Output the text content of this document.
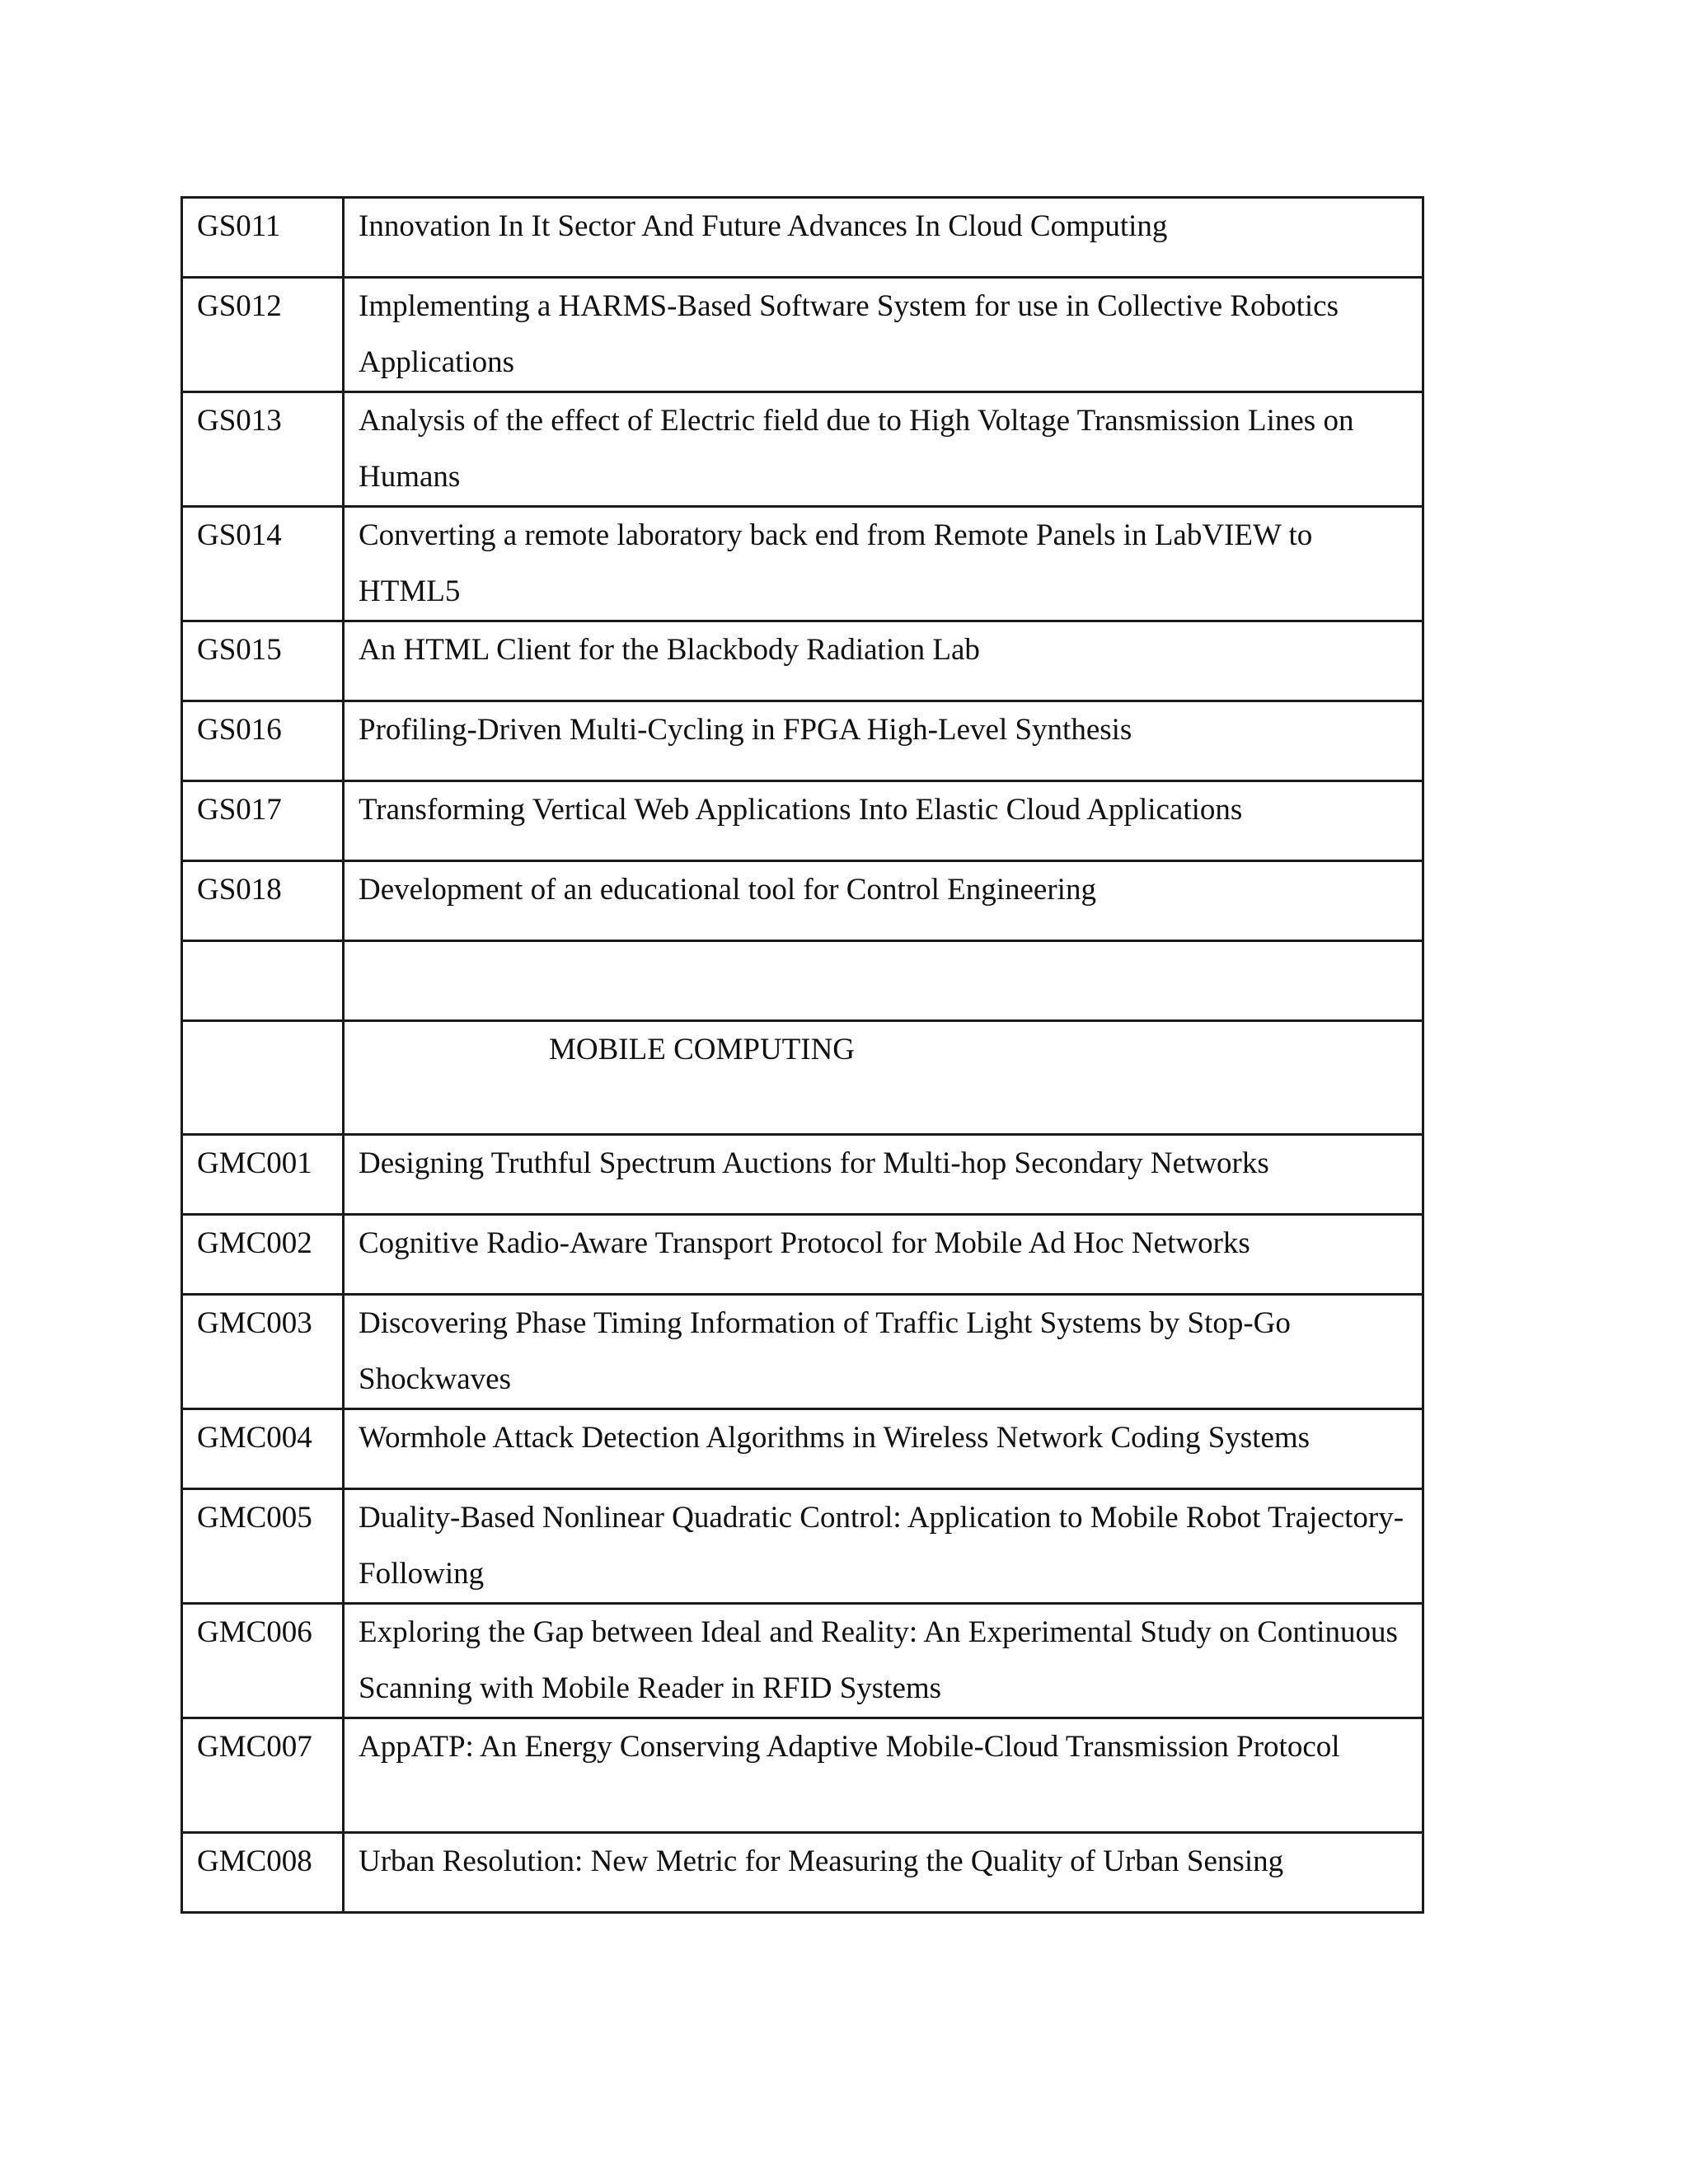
GS011	Innovation In It Sector And Future Advances In Cloud Computing
GS012	Implementing a HARMS-Based Software System for use in Collective Robotics Applications
GS013	Analysis of the effect of Electric field due to High Voltage Transmission Lines on Humans
GS014	Converting a remote laboratory back end from Remote Panels in LabVIEW to HTML5
GS015	An HTML Client for the Blackbody Radiation Lab
GS016	Profiling-Driven Multi-Cycling in FPGA High-Level Synthesis
GS017	Transforming Vertical Web Applications Into Elastic Cloud Applications
GS018	Development of an educational tool for Control Engineering

	MOBILE COMPUTING

GMC001	Designing Truthful Spectrum Auctions for Multi-hop Secondary Networks
GMC002	Cognitive Radio-Aware Transport Protocol for Mobile Ad Hoc Networks
GMC003	Discovering Phase Timing Information of Traffic Light Systems by Stop-Go Shockwaves
GMC004	Wormhole Attack Detection Algorithms in Wireless Network Coding Systems
GMC005	Duality-Based Nonlinear Quadratic Control: Application to Mobile Robot Trajectory-Following
GMC006	Exploring the Gap between Ideal and Reality: An Experimental Study on Continuous Scanning with Mobile Reader in RFID Systems
GMC007	AppATP: An Energy Conserving Adaptive Mobile-Cloud Transmission Protocol
GMC008	Urban Resolution: New Metric for Measuring the Quality of Urban Sensing
